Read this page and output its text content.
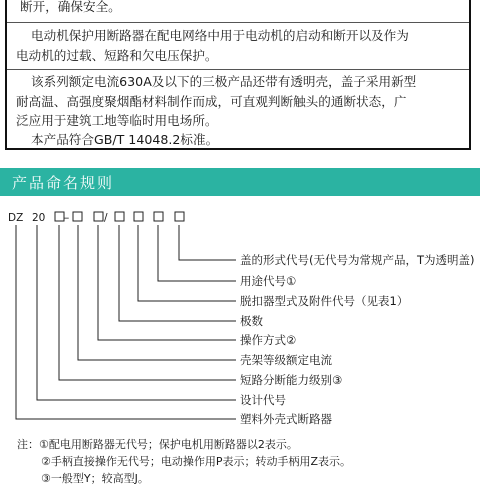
断开，确保安全。

电动机保护用断路器在配电网络中用于电动机的启动和断开以及作为

电动机的过载、短路和欠电压保护。

该系列额定电流630A及以下的三极产品还带有透明壳，盖子采用新型

耐高温、高强度聚烟酯材料制作而成，可直观判断触头的通断状态，广

泛应用于建筑工地等临时用电场所。

本产品符合GB/T 14048.2标准。

产品命名规则
DZ 20 –	/
盖的形式代号(无代号为常规产品，T为透明盖)
用途代号①
脱扣器型式及附件代号（见表1）
极数
操作方式②
壳架等级额定电流
短路分断能力级别③
设计代号
塑料外壳式断路器
注：①配电用断路器无代号；保护电机用断路器以2表示。
②手柄直接操作无代号；电动操作用P表示；转动手柄用Z表示。
③一般型Y；较高型J。
